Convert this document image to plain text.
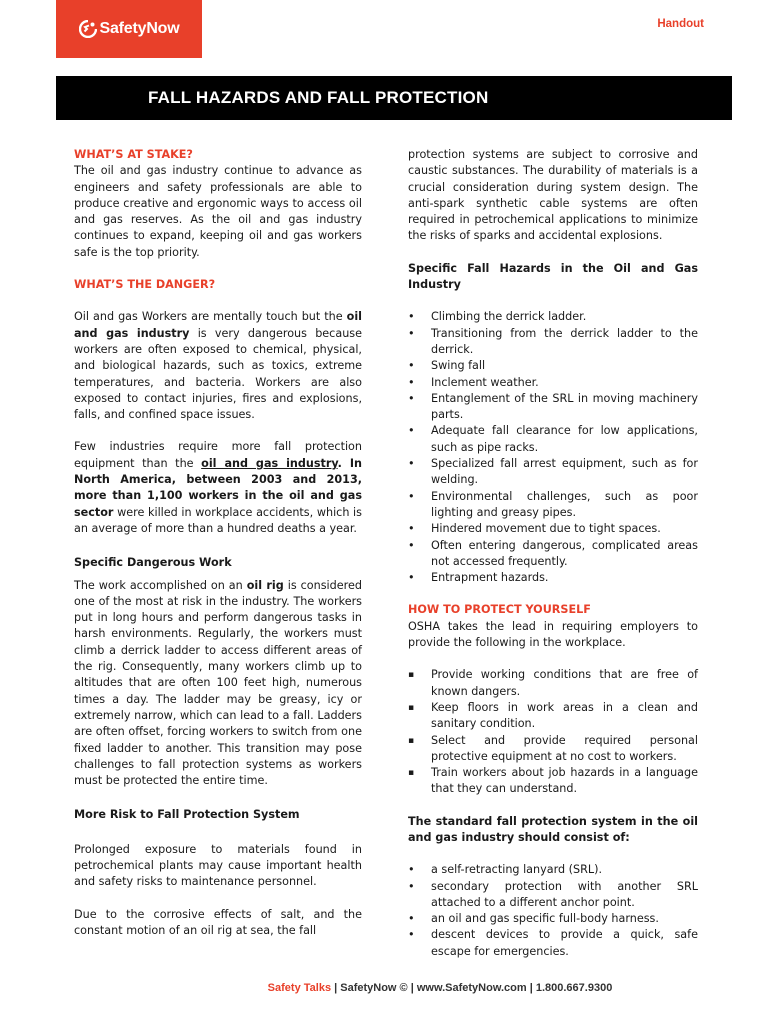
SafetyNow	Handout
FALL HAZARDS AND FALL PROTECTION

WHAT’S AT STAKE?

The oil and gas industry continue to advance as engineers and safety professionals are able to produce creative and ergonomic ways to access oil and gas reserves. As the oil and gas industry continues to expand, keeping oil and gas workers safe is the top priority.

WHAT’S THE DANGER?

Oil and gas Workers are mentally touch but the oil and gas industry is very dangerous because workers are often exposed to chemical, physical, and biological hazards, such as toxics, extreme temperatures, and bacteria. Workers are also exposed to contact injuries, fires and explosions, falls, and confined space issues.

Few industries require more fall protection equipment than the oil and gas industry. In North America, between 2003 and 2013, more than 1,100 workers in the oil and gas sector were killed in workplace accidents, which is an average of more than a hundred deaths a year.

Specific Dangerous Work

The work accomplished on an oil rig is considered one of the most at risk in the industry. The workers put in long hours and perform dangerous tasks in harsh environments. Regularly, the workers must climb a derrick ladder to access different areas of the rig. Consequently, many workers climb up to altitudes that are often 100 feet high, numerous times a day. The ladder may be greasy, icy or extremely narrow, which can lead to a fall. Ladders are often offset, forcing workers to switch from one fixed ladder to another. This transition may pose challenges to fall protection systems as workers must be protected the entire time.

More Risk to Fall Protection System

Prolonged exposure to materials found in petrochemical plants may cause important health and safety risks to maintenance personnel.

Due to the corrosive effects of salt, and the constant motion of an oil rig at sea, the fall

protection systems are subject to corrosive and caustic substances. The durability of materials is a crucial consideration during system design. The anti-spark synthetic cable systems are often required in petrochemical applications to minimize the risks of sparks and accidental explosions.

Specific Fall Hazards in the Oil and Gas Industry

• Climbing the derrick ladder.
• Transitioning from the derrick ladder to the derrick.
• Swing fall
• Inclement weather.
• Entanglement of the SRL in moving machinery parts.
• Adequate fall clearance for low applications, such as pipe racks.
• Specialized fall arrest equipment, such as for welding.
• Environmental challenges, such as poor lighting and greasy pipes.
• Hindered movement due to tight spaces.
• Often entering dangerous, complicated areas not accessed frequently.
• Entrapment hazards.

HOW TO PROTECT YOURSELF

OSHA takes the lead in requiring employers to provide the following in the workplace.

▪ Provide working conditions that are free of known dangers.
▪ Keep floors in work areas in a clean and sanitary condition.
▪ Select and provide required personal protective equipment at no cost to workers.
▪ Train workers about job hazards in a language that they can understand.

The standard fall protection system in the oil and gas industry should consist of:

• a self-retracting lanyard (SRL).
• secondary protection with another SRL attached to a different anchor point.
• an oil and gas specific full-body harness.
• descent devices to provide a quick, safe escape for emergencies.
Safety Talks | SafetyNow © | www.SafetyNow.com | 1.800.667.9300
